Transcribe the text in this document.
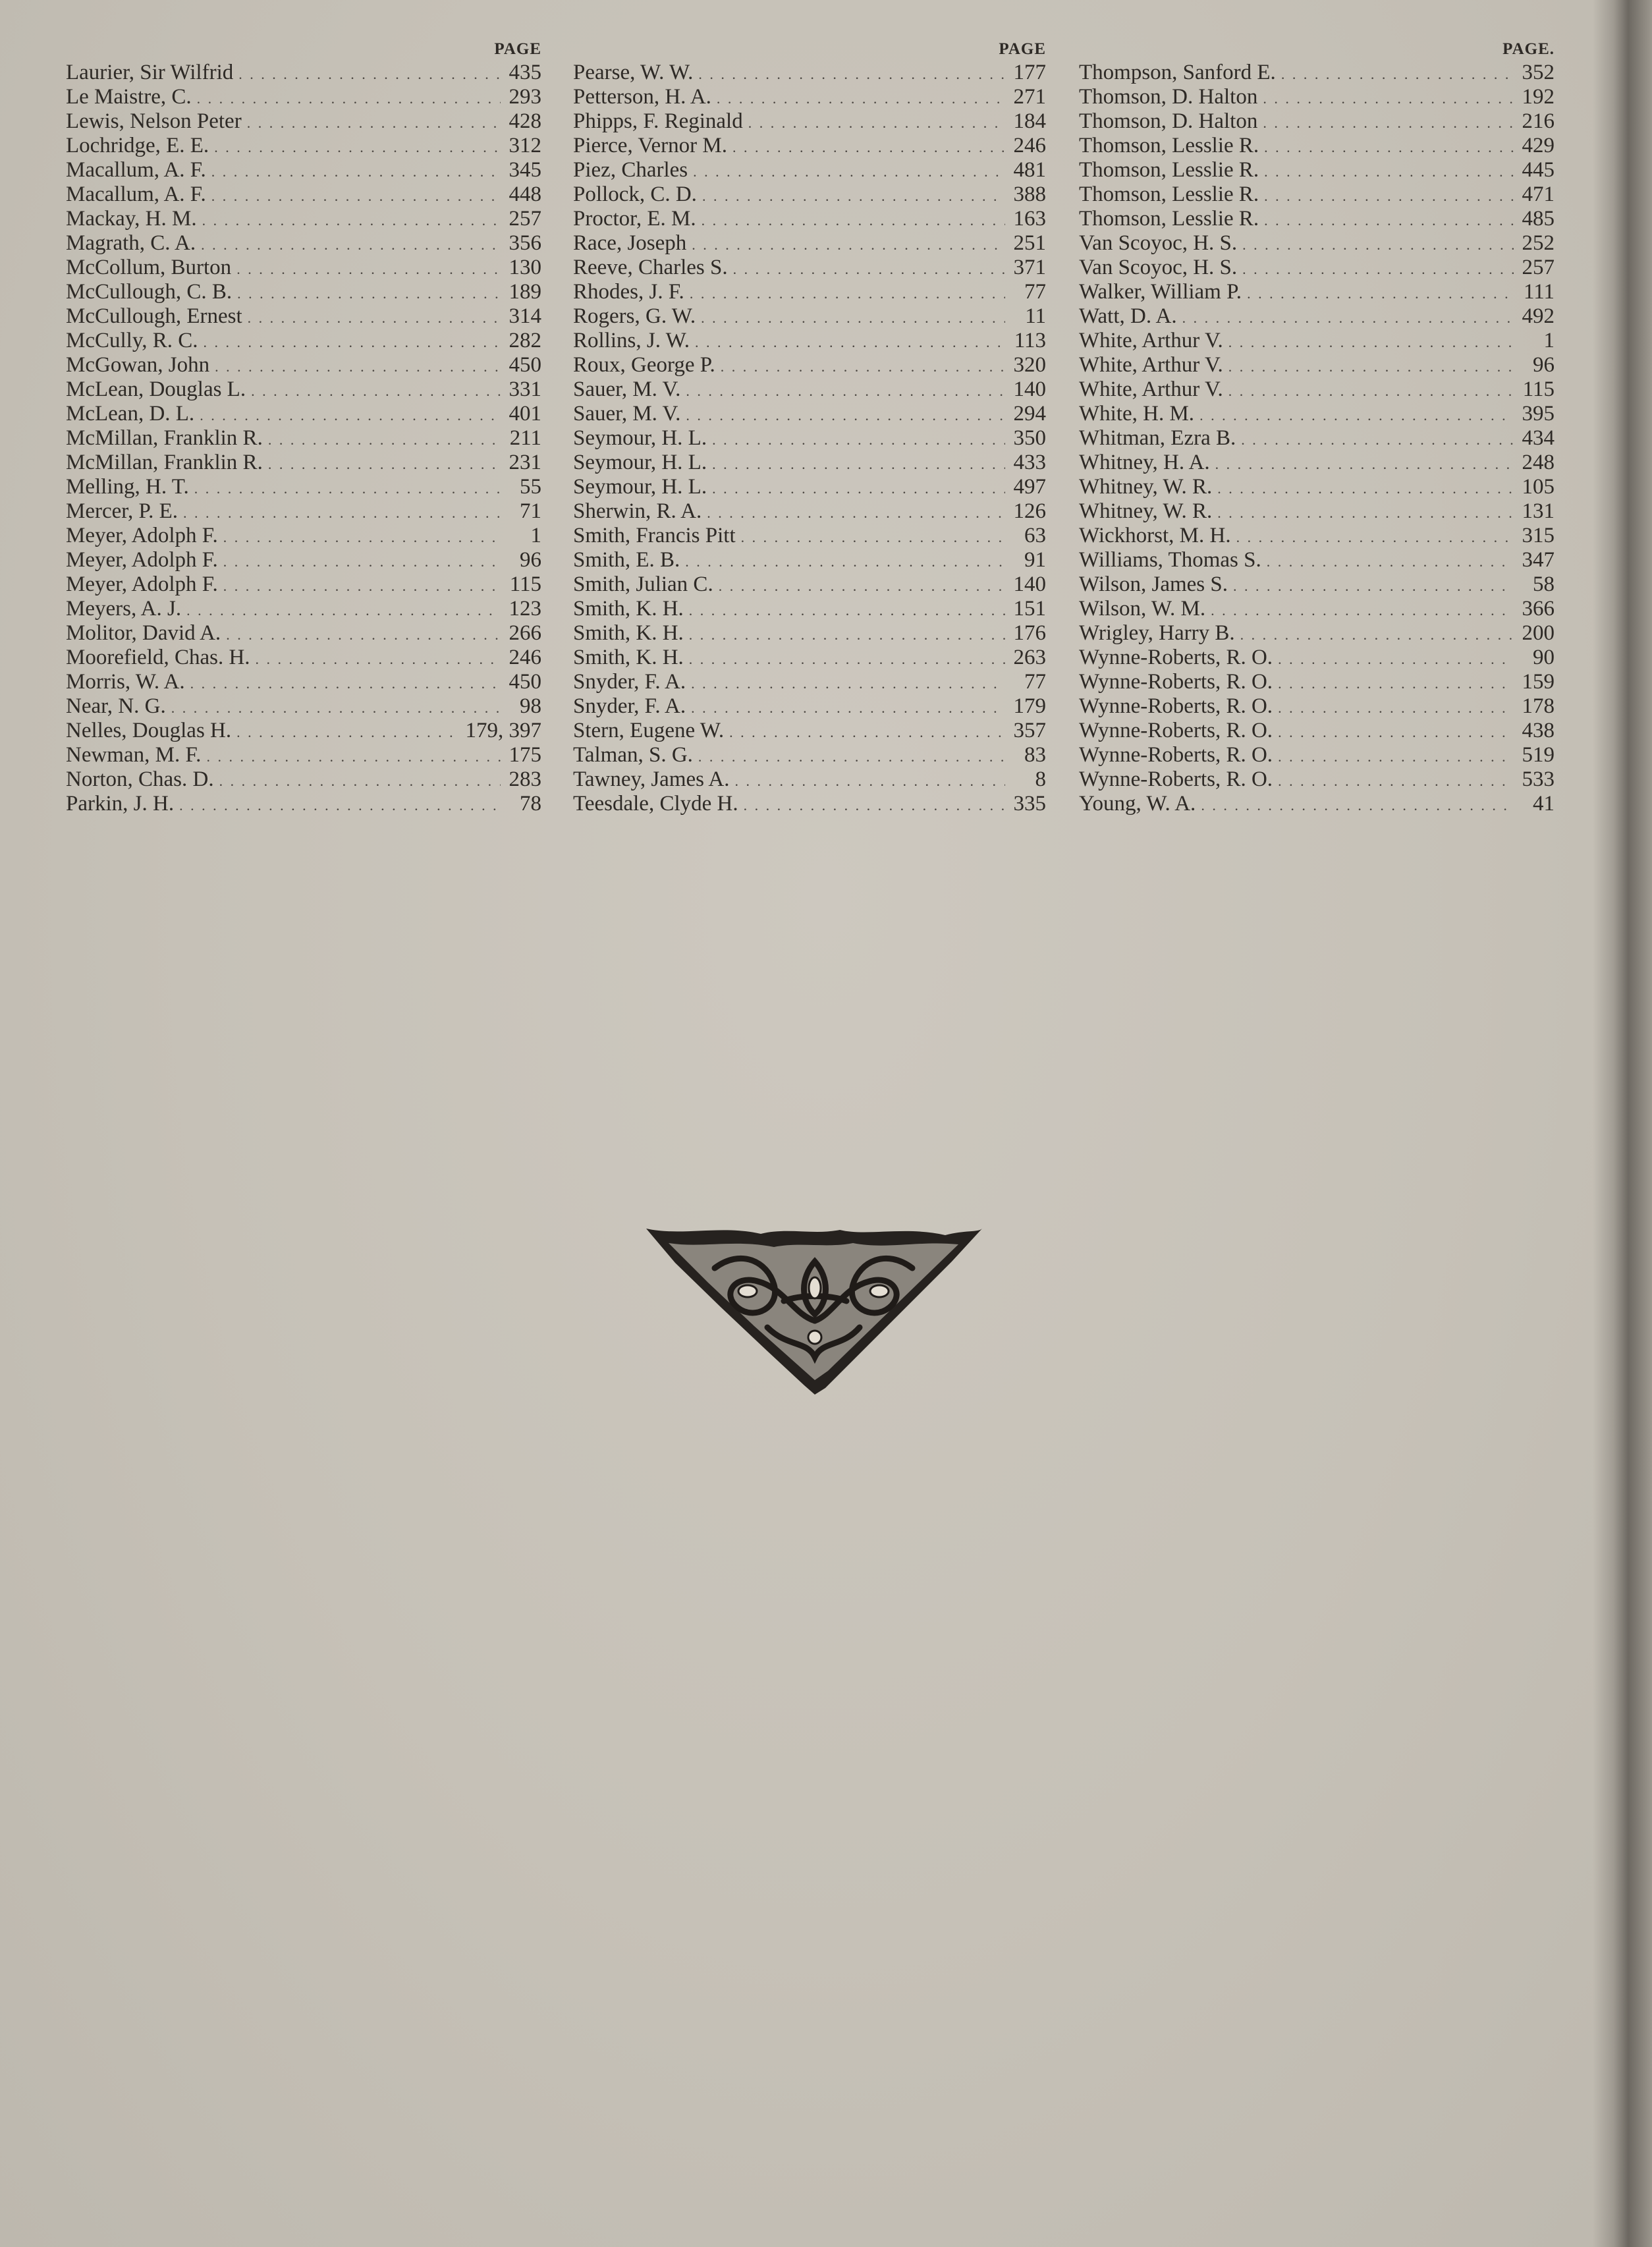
PAGE
Laurier, Sir Wilfrid . . .	435
Le Maistre, C. . . .	293
Lewis, Nelson Peter . . .	428
Lochridge, E. E. . . .	312
Macallum, A. F. . . .	345
Macallum, A. F. . . .	448
Mackay, H. M. . . .	257
Magrath, C. A. . . .	356
McCollum, Burton . . .	130
McCullough, C. B. . . .	189
McCullough, Ernest . . .	314
McCully, R. C. . . .	282
McGowan, John . . .	450
McLean, Douglas L. . . .	331
McLean, D. L. . . .	401
McMillan, Franklin R. . . .	211
McMillan, Franklin R. . . .	231
Melling, H. T. . . .	55
Mercer, P. E. . . .	71
Meyer, Adolph F. . . .	1
Meyer, Adolph F. . . .	96
Meyer, Adolph F. . . .	115
Meyers, A. J. . . .	123
Molitor, David A. . . .	266
Moorefield, Chas. H. . . .	246
Morris, W. A. . . .	450
Near, N. G. . . .	98
Nelles, Douglas H. . . .	179, 397
Newman, M. F. . . .	175
Norton, Chas. D. . . .	283
Parkin, J. H. . . .	78
PAGE
Pearse, W. W. . . .	177
Petterson, H. A. . . .	271
Phipps, F. Reginald . . .	184
Pierce, Vernor M. . . .	246
Piez, Charles . . .	481
Pollock, C. D. . . .	388
Proctor, E. M. . . .	163
Race, Joseph . . .	251
Reeve, Charles S. . . .	371
Rhodes, J. F. . . .	77
Rogers, G. W. . . .	11
Rollins, J. W. . . .	113
Roux, George P. . . .	320
Sauer, M. V. . . .	140
Sauer, M. V. . . .	294
Seymour, H. L. . . .	350
Seymour, H. L. . . .	433
Seymour, H. L. . . .	497
Sherwin, R. A. . . .	126
Smith, Francis Pitt . . .	63
Smith, E. B. . . .	91
Smith, Julian C. . . .	140
Smith, K. H. . . .	151
Smith, K. H. . . .	176
Smith, K. H. . . .	263
Snyder, F. A. . . .	77
Snyder, F. A. . . .	179
Stern, Eugene W. . . .	357
Talman, S. G. . . .	83
Tawney, James A. . . .	8
Teesdale, Clyde H. . . .	335
PAGE.
Thompson, Sanford E. . . .	352
Thomson, D. Halton . . .	192
Thomson, D. Halton . . .	216
Thomson, Lesslie R. . . .	429
Thomson, Lesslie R. . . .	445
Thomson, Lesslie R. . . .	471
Thomson, Lesslie R. . . .	485
Van Scoyoc, H. S. . . .	252
Van Scoyoc, H. S. . . .	257
Walker, William P. . . .	111
Watt, D. A. . . .	492
White, Arthur V. . . .	1
White, Arthur V. . . .	96
White, Arthur V. . . .	115
White, H. M. . . .	395
Whitman, Ezra B. . . .	434
Whitney, H. A. . . .	248
Whitney, W. R. . . .	105
Whitney, W. R. . . .	131
Wickhorst, M. H. . . .	315
Williams, Thomas S. . . .	347
Wilson, James S. . . .	58
Wilson, W. M. . . .	366
Wrigley, Harry B. . . .	200
Wynne-Roberts, R. O. . . .	90
Wynne-Roberts, R. O. . . .	159
Wynne-Roberts, R. O. . . .	178
Wynne-Roberts, R. O. . . .	438
Wynne-Roberts, R. O. . . .	519
Wynne-Roberts, R. O. . . .	533
Young, W. A. . . .	41
